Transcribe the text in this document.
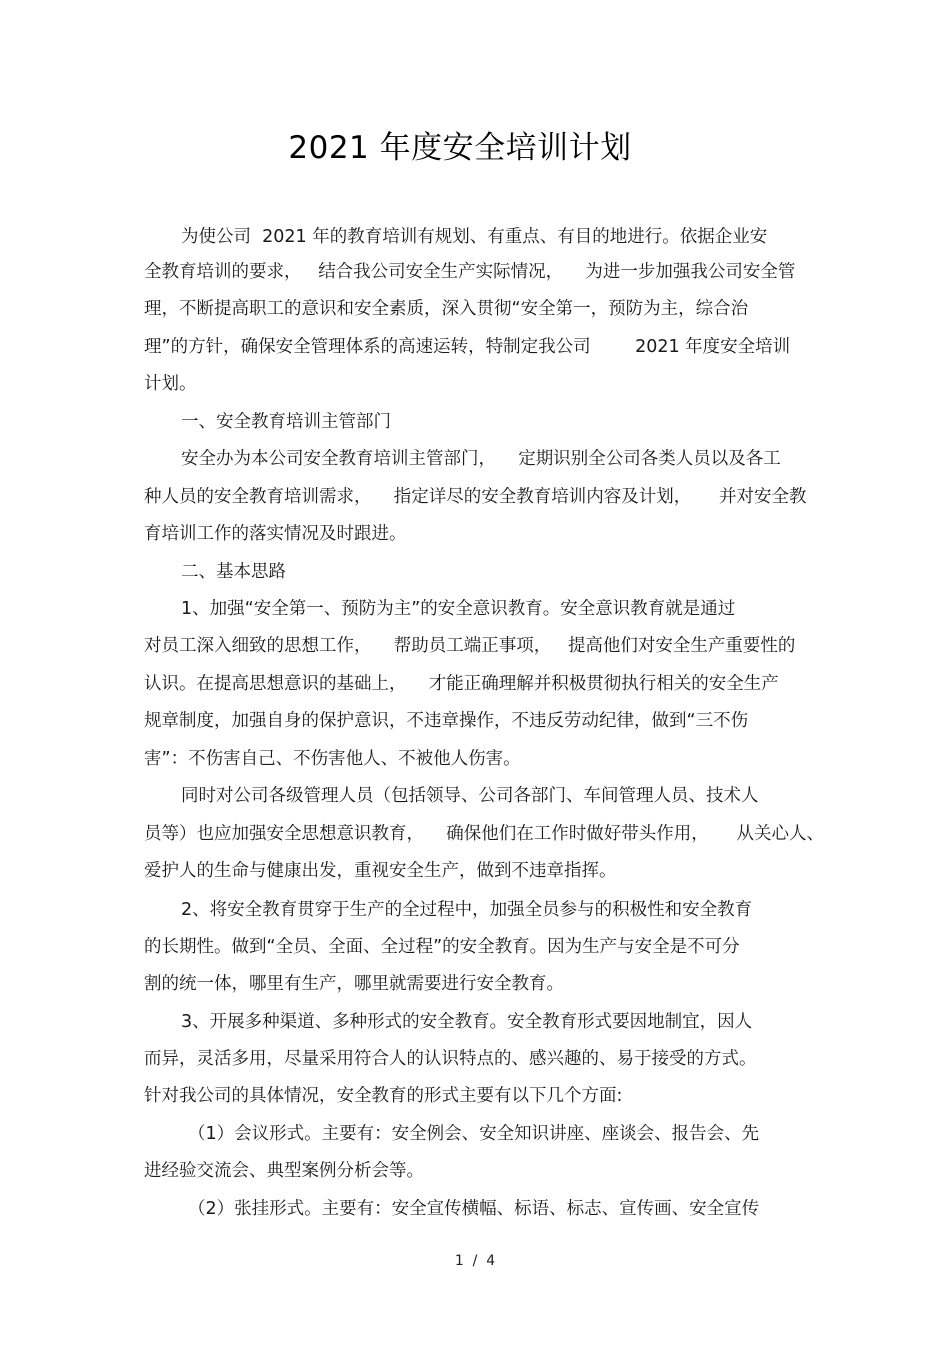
2021 年度安全培训计划
为使公司  2021 年的教育培训有规划、有重点、有目的地进行。依据企业安
全教育培训的要求，   结合我公司安全生产实际情况，    为进一步加强我公司安全管
理，不断提高职工的意识和安全素质，深入贯彻“安全第一，预防为主，综合治
理”的方针，确保安全管理体系的高速运转，特制定我公司        2021 年度安全培训
计划。
一、安全教育培训主管部门
安全办为本公司安全教育培训主管部门，    定期识别全公司各类人员以及各工
种人员的安全教育培训需求，    指定详尽的安全教育培训内容及计划，     并对安全教
育培训工作的落实情况及时跟进。
二、基本思路
1、加强“安全第一、预防为主”的安全意识教育。安全意识教育就是通过
对员工深入细致的思想工作，    帮助员工端正事项，   提高他们对安全生产重要性的
认识。在提高思想意识的基础上，    才能正确理解并积极贯彻执行相关的安全生产
规章制度，加强自身的保护意识，不违章操作，不违反劳动纪律，做到“三不伤
害”：不伤害自己、不伤害他人、不被他人伤害。
同时对公司各级管理人员（包括领导、公司各部门、车间管理人员、技术人
员等）也应加强安全思想意识教育，    确保他们在工作时做好带头作用，     从关心人、
爱护人的生命与健康出发，重视安全生产，做到不违章指挥。
2、将安全教育贯穿于生产的全过程中，加强全员参与的积极性和安全教育
的长期性。做到“全员、全面、全过程”的安全教育。因为生产与安全是不可分
割的统一体，哪里有生产，哪里就需要进行安全教育。
3、开展多种渠道、多种形式的安全教育。安全教育形式要因地制宜，因人
而异，灵活多用，尽量采用符合人的认识特点的、感兴趣的、易于接受的方式。
针对我公司的具体情况，安全教育的形式主要有以下几个方面:
（1）会议形式。主要有：安全例会、安全知识讲座、座谈会、报告会、先
进经验交流会、典型案例分析会等。
（2）张挂形式。主要有：安全宣传横幅、标语、标志、宣传画、安全宣传
1  /  4
